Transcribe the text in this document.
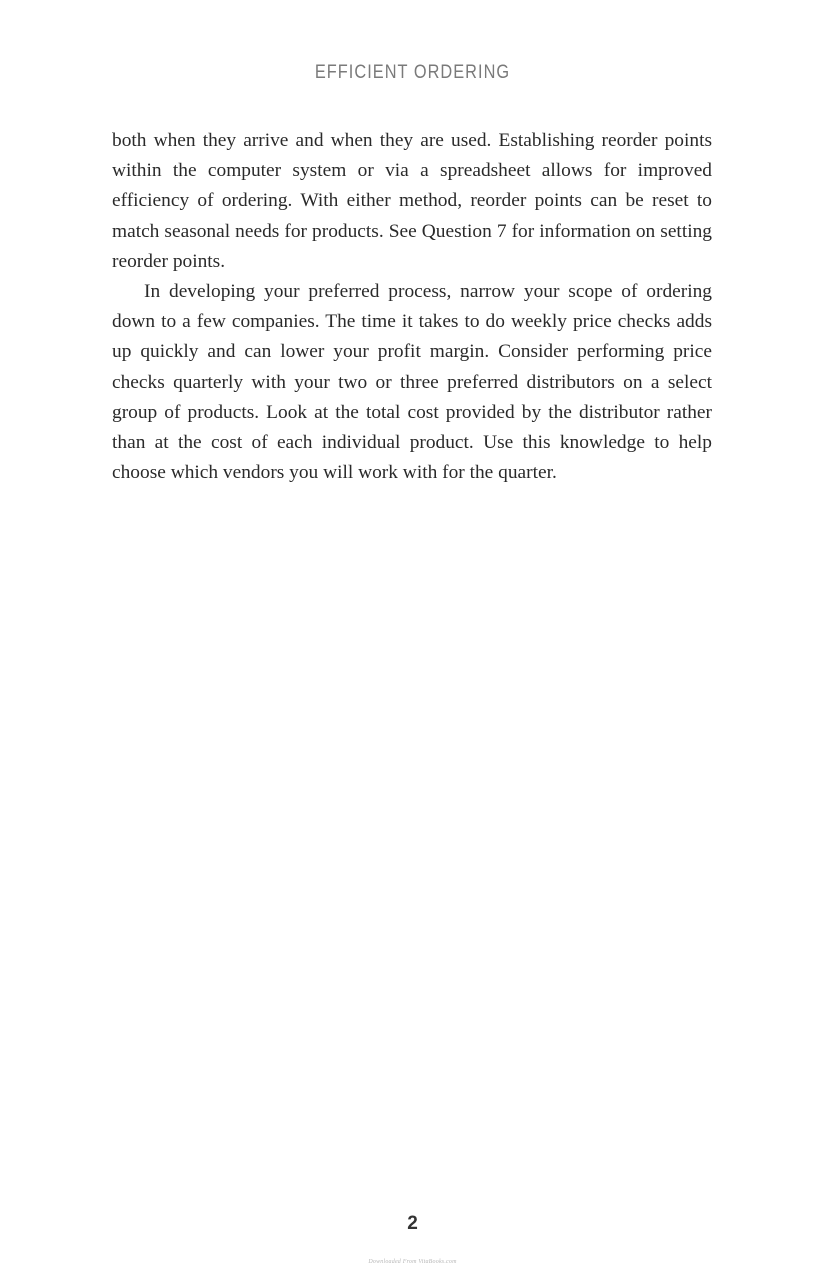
EFFICIENT ORDERING

both when they arrive and when they are used. Establishing reorder points within the computer system or via a spreadsheet allows for improved efficiency of ordering. With either method, reorder points can be reset to match seasonal needs for products. See Question 7 for information on setting reorder points.

In developing your preferred process, narrow your scope of ordering down to a few companies. The time it takes to do weekly price checks adds up quickly and can lower your profit margin. Consider performing price checks quarterly with your two or three preferred distributors on a select group of products. Look at the total cost provided by the distributor rather than at the cost of each individual product. Use this knowledge to help choose which vendors you will work with for the quarter.

2
Downloaded From VitaBooks.com
